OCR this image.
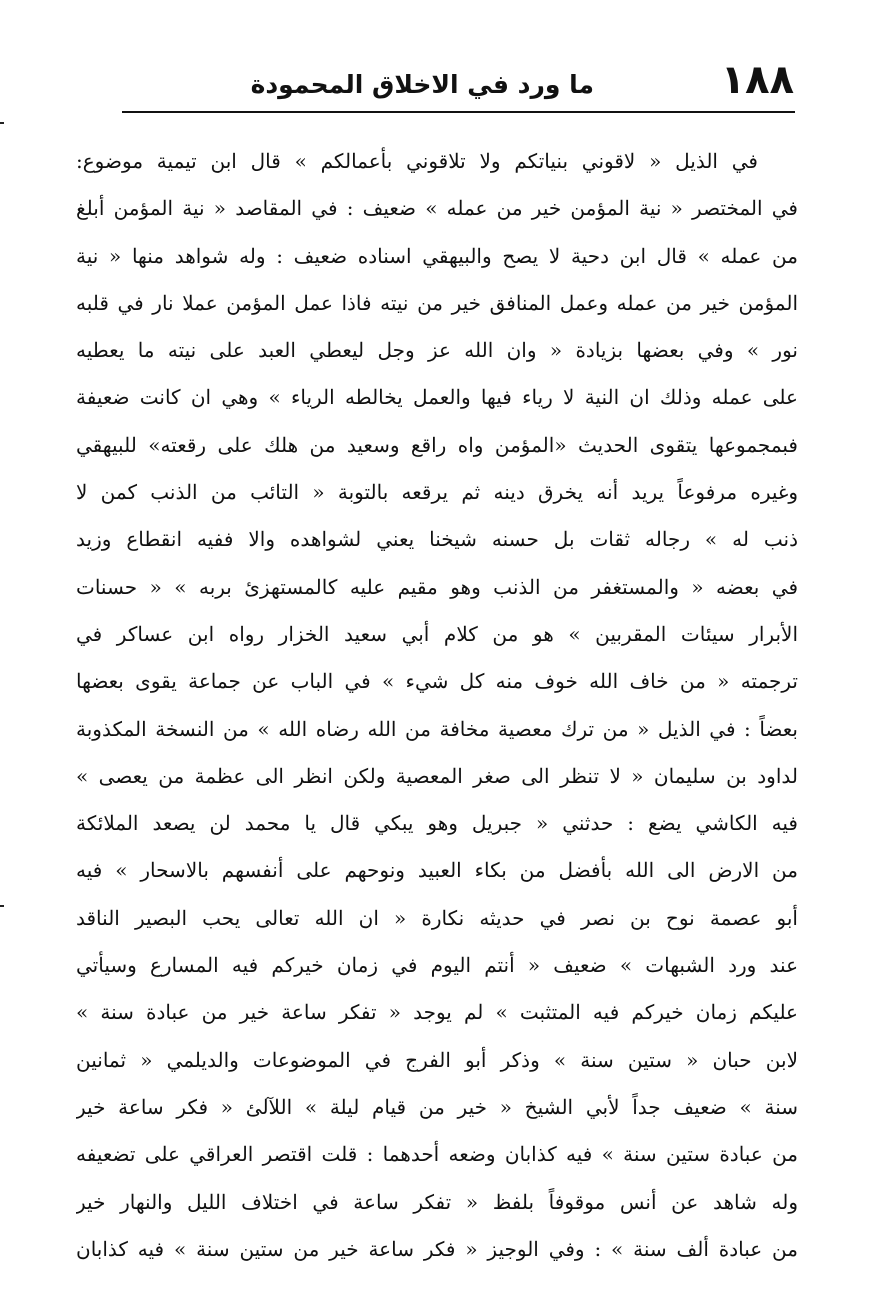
١٨٨
ما ورد في الاخلاق المحمودة
في الذيل « لاقوني بنياتكم ولا تلاقوني بأعمالكم » قال ابن تيمية موضوع:
في المختصر « نية المؤمن خير من عمله » ضعيف : في المقاصد « نية المؤمن أبلغ
من عمله » قال ابن دحية لا يصح والبيهقي اسناده ضعيف : وله شواهد منها « نية
المؤمن خير من عمله وعمل المنافق خير من نيته فاذا عمل المؤمن عملا نار في قلبه
نور » وفي بعضها بزيادة « وان الله عز وجل ليعطي العبد على نيته ما يعطيه
على عمله وذلك ان النية لا رياء فيها والعمل يخالطه الرياء » وهي ان كانت ضعيفة
فبمجموعها يتقوى الحديث «المؤمن واه راقع وسعيد من هلك على رقعته» للبيهقي
وغيره مرفوعاً يريد أنه يخرق دينه ثم يرقعه بالتوبة « التائب من الذنب كمن لا
ذنب له » رجاله ثقات بل حسنه شيخنا يعني لشواهده والا ففيه انقطاع وزيد
في بعضه « والمستغفر من الذنب وهو مقيم عليه كالمستهزئ بربه » « حسنات
الأبرار سيئات المقربين » هو من كلام أبي سعيد الخزار رواه ابن عساكر في
ترجمته « من خاف الله خوف منه كل شيء » في الباب عن جماعة يقوى بعضها
بعضاً : في الذيل « من ترك معصية مخافة من الله رضاه الله » من النسخة المكذوبة
لداود بن سليمان « لا تنظر الى صغر المعصية ولكن انظر الى عظمة من يعصى »
فيه الكاشي يضع : حدثني « جبريل وهو يبكي قال يا محمد لن يصعد الملائكة
من الارض الى الله بأفضل من بكاء العبيد ونوحهم على أنفسهم بالاسحار » فيه
أبو عصمة نوح بن نصر في حديثه نكارة « ان الله تعالى يحب البصير الناقد
عند ورد الشبهات » ضعيف « أنتم اليوم في زمان خيركم فيه المسارع وسيأتي
عليكم زمان خيركم فيه المتثبت » لم يوجد « تفكر ساعة خير من عبادة سنة »
لابن حبان « ستين سنة » وذكر أبو الفرج في الموضوعات والديلمي « ثمانين
سنة » ضعيف جداً لأبي الشيخ « خير من قيام ليلة » اللآلئ « فكر ساعة خير
من عبادة ستين سنة » فيه كذابان وضعه أحدهما : قلت اقتصر العراقي على تضعيفه
وله شاهد عن أنس موقوفاً بلفظ « تفكر ساعة في اختلاف الليل والنهار خير
من عبادة ألف سنة » : وفي الوجيز « فكر ساعة خير من ستين سنة » فيه كذابان
